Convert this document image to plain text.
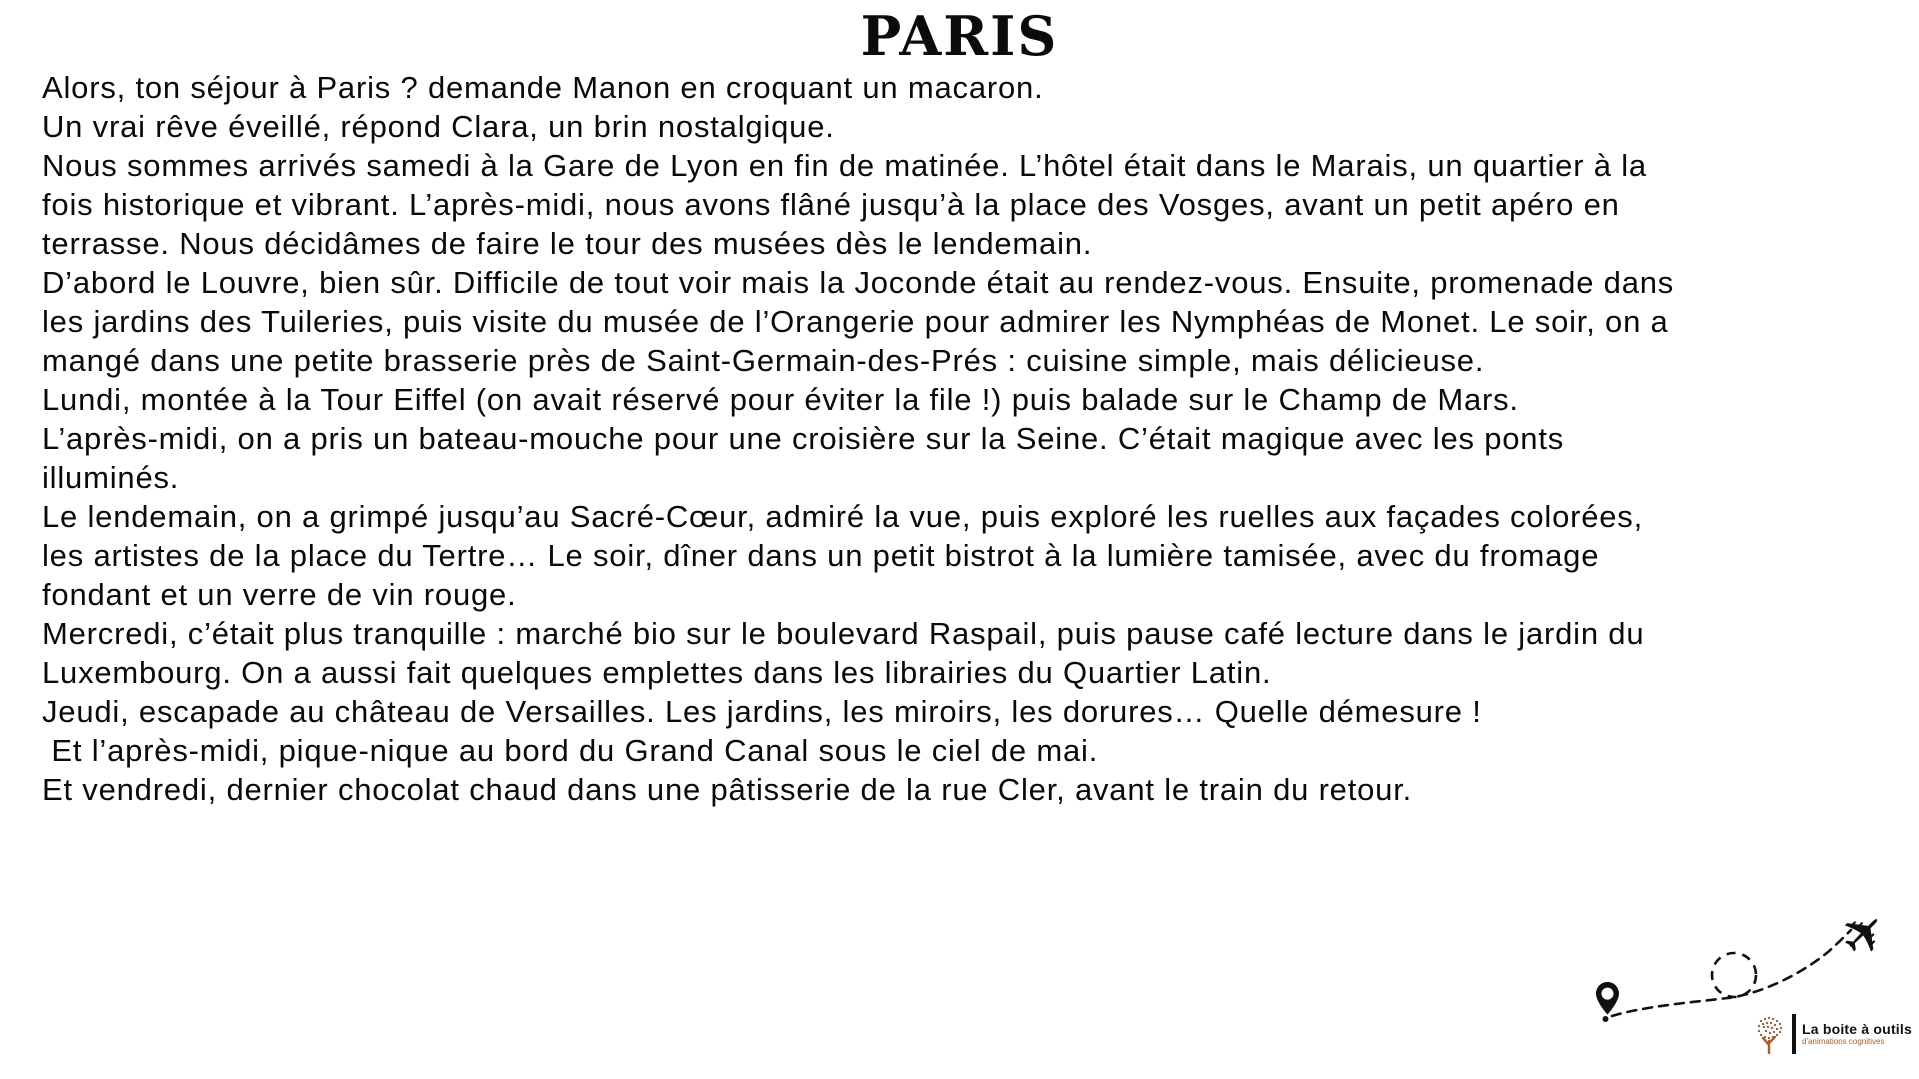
PARIS
Alors, ton séjour à Paris ? demande Manon en croquant un macaron.
Un vrai rêve éveillé, répond Clara, un brin nostalgique.
Nous sommes arrivés samedi à la Gare de Lyon en fin de matinée. L’hôtel était dans le Marais, un quartier à la
fois historique et vibrant. L’après-midi, nous avons flâné jusqu’à la place des Vosges, avant un petit apéro en
terrasse. Nous décidâmes de faire le tour des musées dès le lendemain.
D’abord le Louvre, bien sûr. Difficile de tout voir mais la Joconde était au rendez-vous. Ensuite, promenade dans
les jardins des Tuileries, puis visite du musée de l’Orangerie pour admirer les Nymphéas de Monet. Le soir, on a
mangé dans une petite brasserie près de Saint-Germain-des-Prés : cuisine simple, mais délicieuse.
Lundi, montée à la Tour Eiffel (on avait réservé pour éviter la file !) puis balade sur le Champ de Mars.
L’après-midi, on a pris un bateau-mouche pour une croisière sur la Seine. C’était magique avec les ponts
illuminés.
Le lendemain, on a grimpé jusqu’au Sacré-Cœur, admiré la vue, puis exploré les ruelles aux façades colorées,
les artistes de la place du Tertre… Le soir, dîner dans un petit bistrot à la lumière tamisée, avec du fromage
fondant et un verre de vin rouge.
Mercredi, c’était plus tranquille : marché bio sur le boulevard Raspail, puis pause café lecture dans le jardin du
Luxembourg. On a aussi fait quelques emplettes dans les librairies du Quartier Latin.
Jeudi, escapade au château de Versailles. Les jardins, les miroirs, les dorures… Quelle démesure !
Et l’après-midi, pique-nique au bord du Grand Canal sous le ciel de mai.
Et vendredi, dernier chocolat chaud dans une pâtisserie de la rue Cler, avant le train du retour.
✈
La boite à outils
d'animations cognitives
